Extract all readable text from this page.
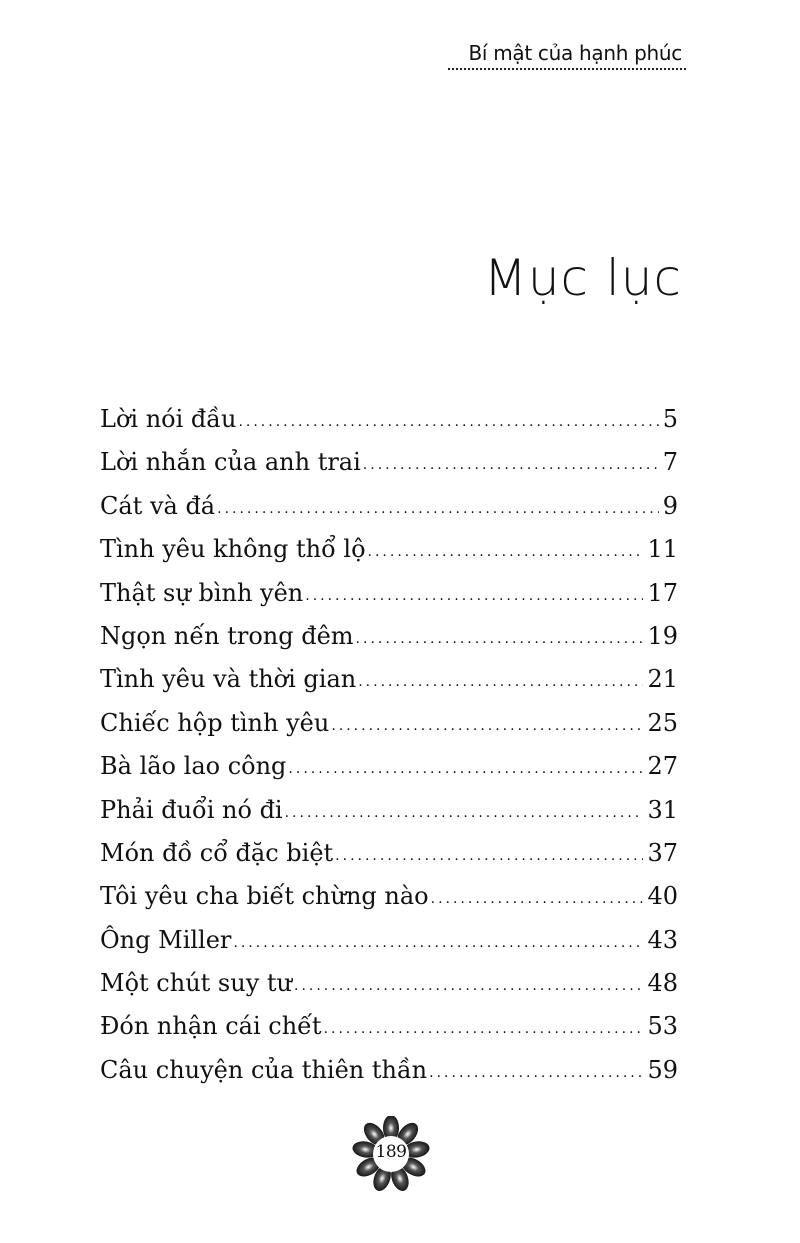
Bí mật của hạnh phúc
Mục lục
Lời nói đầu .....	5
Lời nhắn của anh trai .....	7
Cát và đá .....	9
Tình yêu không thổ lộ .....	11
Thật sự bình yên .....	17
Ngọn nến trong đêm .....	19
Tình yêu và thời gian .....	21
Chiếc hộp tình yêu .....	25
Bà lão lao công .....	27
Phải đuổi nó đi .....	31
Món đồ cổ đặc biệt .....	37
Tôi yêu cha biết chừng nào .....	40
Ông Miller .....	43
Một chút suy tư .....	48
Đón nhận cái chết .....	53
Câu chuyện của thiên thần .....	59
189
